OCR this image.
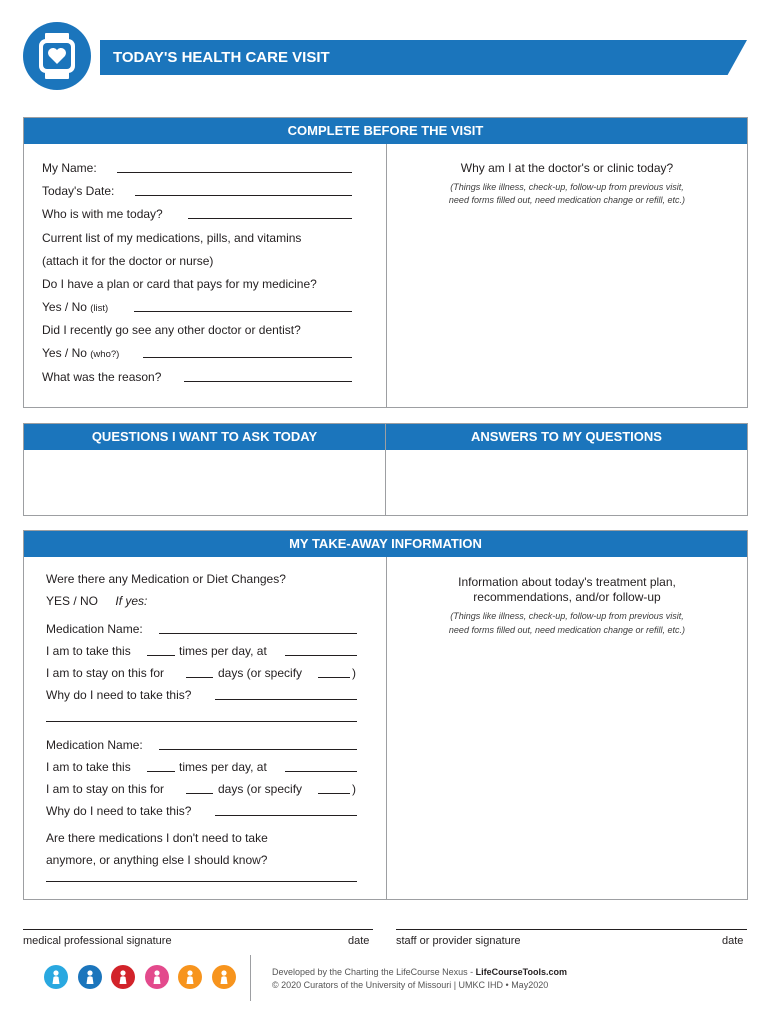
TODAY'S HEALTH CARE VISIT
COMPLETE BEFORE THE VISIT
My Name:
Today's Date:
Who is with me today?
Current list of my medications, pills, and vitamins
(attach it for the doctor or nurse)
Do I have a plan or card that pays for my medicine?
Yes / No (list)
Did I recently go see any other doctor or dentist?
Yes / No (who?)
What was the reason?
Why am I at the doctor's or clinic today?
(Things like illness, check-up, follow-up from previous visit,
need forms filled out, need medication change or refill, etc.)
QUESTIONS I WANT TO ASK TODAY	ANSWERS TO MY QUESTIONS
MY TAKE-AWAY INFORMATION
Were there any Medication or Diet Changes?
YES / NO If yes:
Medication Name:
I am to take this	times per day, at
I am to stay on this for	days (or specify	)
Why do I need to take this?
Medication Name:
I am to take this	times per day, at
I am to stay on this for	days (or specify	)
Why do I need to take this?
Are there medications I don't need to take
anymore, or anything else I should know?
Information about today's treatment plan,
recommendations, and/or follow-up
(Things like illness, check-up, follow-up from previous visit,
need forms filled out, need medication change or refill, etc.)
medical professional signature	date staff or provider signature	date
Developed by the Charting the LifeCourse Nexus - LifeCourseTools.com
© 2020 Curators of the University of Missouri | UMKC IHD • May2020
